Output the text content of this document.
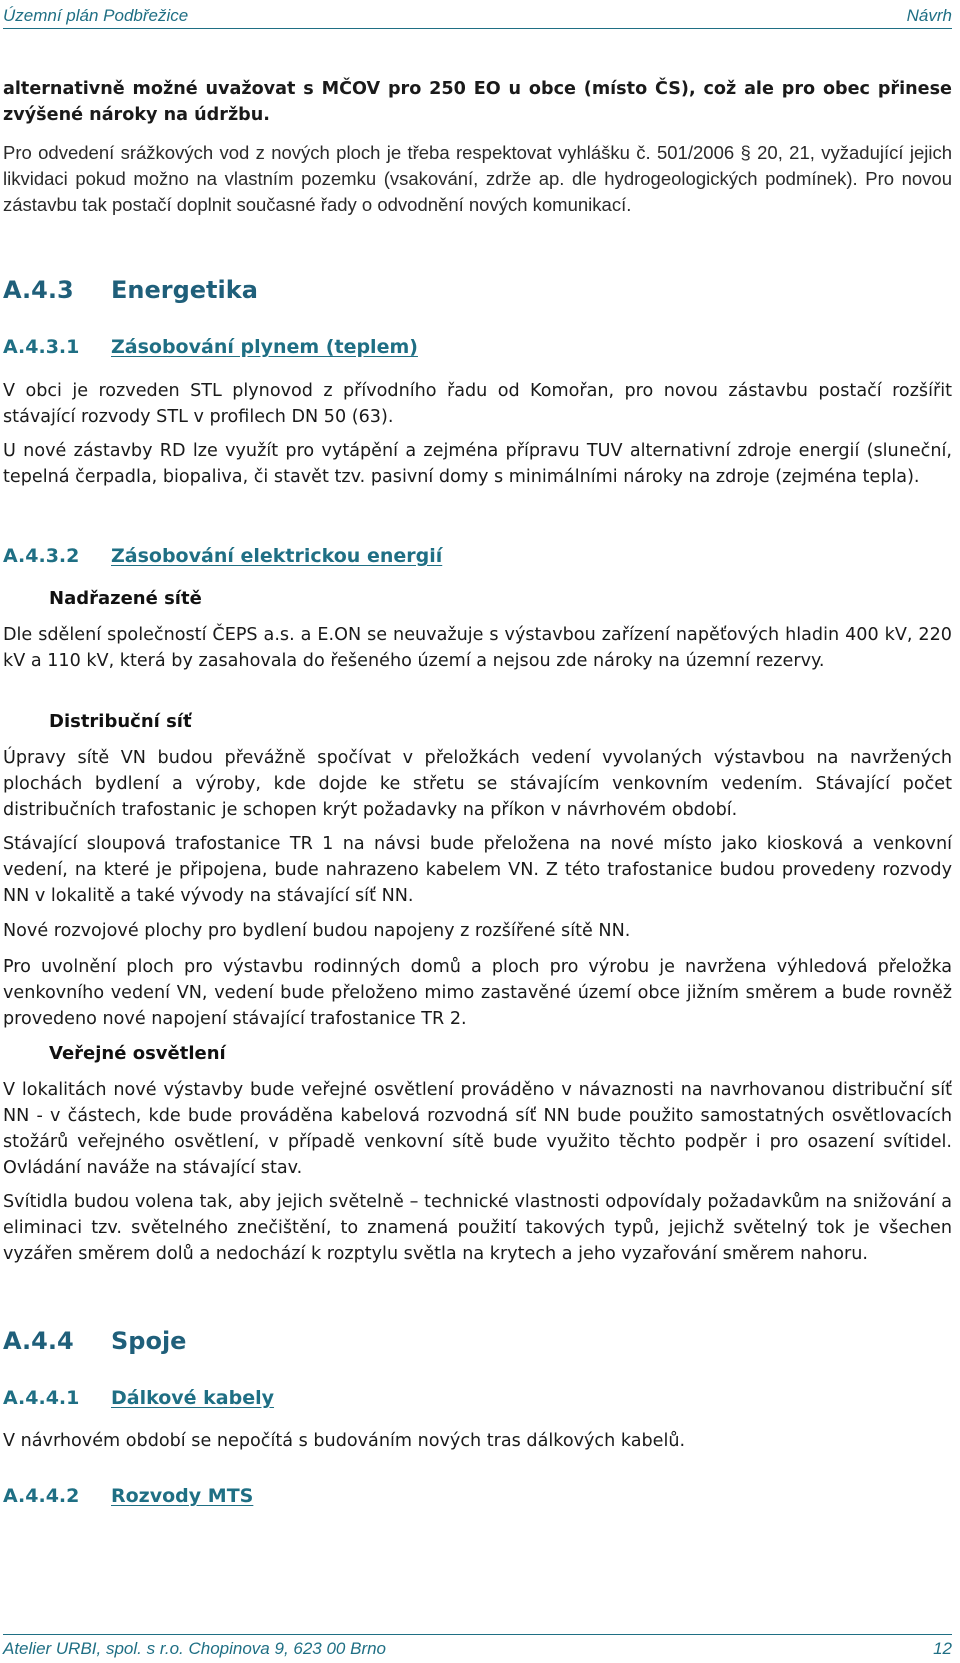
Územní plán Podbřežice	Návrh

alternativně možné uvažovat s MČOV pro 250 EO u obce (místo ČS), což ale pro obec přinese zvýšené nároky na údržbu.

Pro odvedení srážkových vod z nových ploch je třeba respektovat vyhlášku č. 501/2006 § 20, 21, vyžadující jejich likvidaci pokud možno na vlastním pozemku (vsakování, zdrže ap. dle hydrogeologických podmínek). Pro novou zástavbu tak postačí doplnit současné řady o odvodnění nových komunikací.

A.4.3 Energetika
A.4.3.1 Zásobování plynem (teplem)

V obci je rozveden STL plynovod z přívodního řadu od Komořan, pro novou zástavbu postačí rozšířit stávající rozvody STL v profilech DN 50 (63).

U nové zástavby RD lze využít pro vytápění a zejména přípravu TUV alternativní zdroje energií (sluneční, tepelná čerpadla, biopaliva, či stavět tzv. pasivní domy s minimálními nároky na zdroje (zejména tepla).

A.4.3.2 Zásobování elektrickou energií
Nadřazené sítě

Dle sdělení společností ČEPS a.s. a E.ON se neuvažuje s výstavbou zařízení napěťových hladin 400 kV, 220 kV a 110 kV, která by zasahovala do řešeného území a nejsou zde nároky na územní rezervy.

Distribuční síť

Úpravy sítě VN budou převážně spočívat v přeložkách vedení vyvolaných výstavbou na navržených plochách bydlení a výroby, kde dojde ke střetu se stávajícím venkovním vedením. Stávající počet distribučních trafostanic je schopen krýt požadavky na příkon v návrhovém období.

Stávající sloupová trafostanice TR 1 na návsi bude přeložena na nové místo jako kiosková a venkovní vedení, na které je připojena, bude nahrazeno kabelem VN. Z této trafostanice budou provedeny rozvody NN v lokalitě a také vývody na stávající síť NN.

Nové rozvojové plochy pro bydlení budou napojeny z rozšířené sítě NN.

Pro uvolnění ploch pro výstavbu rodinných domů a ploch pro výrobu je navržena výhledová přeložka venkovního vedení VN, vedení bude přeloženo mimo zastavěné území obce jižním směrem a bude rovněž provedeno nové napojení stávající trafostanice TR 2.

Veřejné osvětlení

V lokalitách nové výstavby bude veřejné osvětlení prováděno v návaznosti na navrhovanou distribuční síť NN - v částech, kde bude prováděna kabelová rozvodná síť NN bude použito samostatných osvětlovacích stožárů veřejného osvětlení, v případě venkovní sítě bude využito těchto podpěr i pro osazení svítidel. Ovládání naváže na stávající stav.

Svítidla budou volena tak, aby jejich světelně – technické vlastnosti odpovídaly požadavkům na snižování a eliminaci tzv. světelného znečištění, to znamená použití takových typů, jejichž světelný tok je všechen vyzářen směrem dolů a nedochází k rozptylu světla na krytech a jeho vyzařování směrem nahoru.

A.4.4 Spoje
A.4.4.1 Dálkové kabely

V návrhovém období se nepočítá s budováním nových tras dálkových kabelů.

A.4.4.2 Rozvody MTS
Atelier URBI, spol. s r.o. Chopinova 9, 623 00 Brno	12
